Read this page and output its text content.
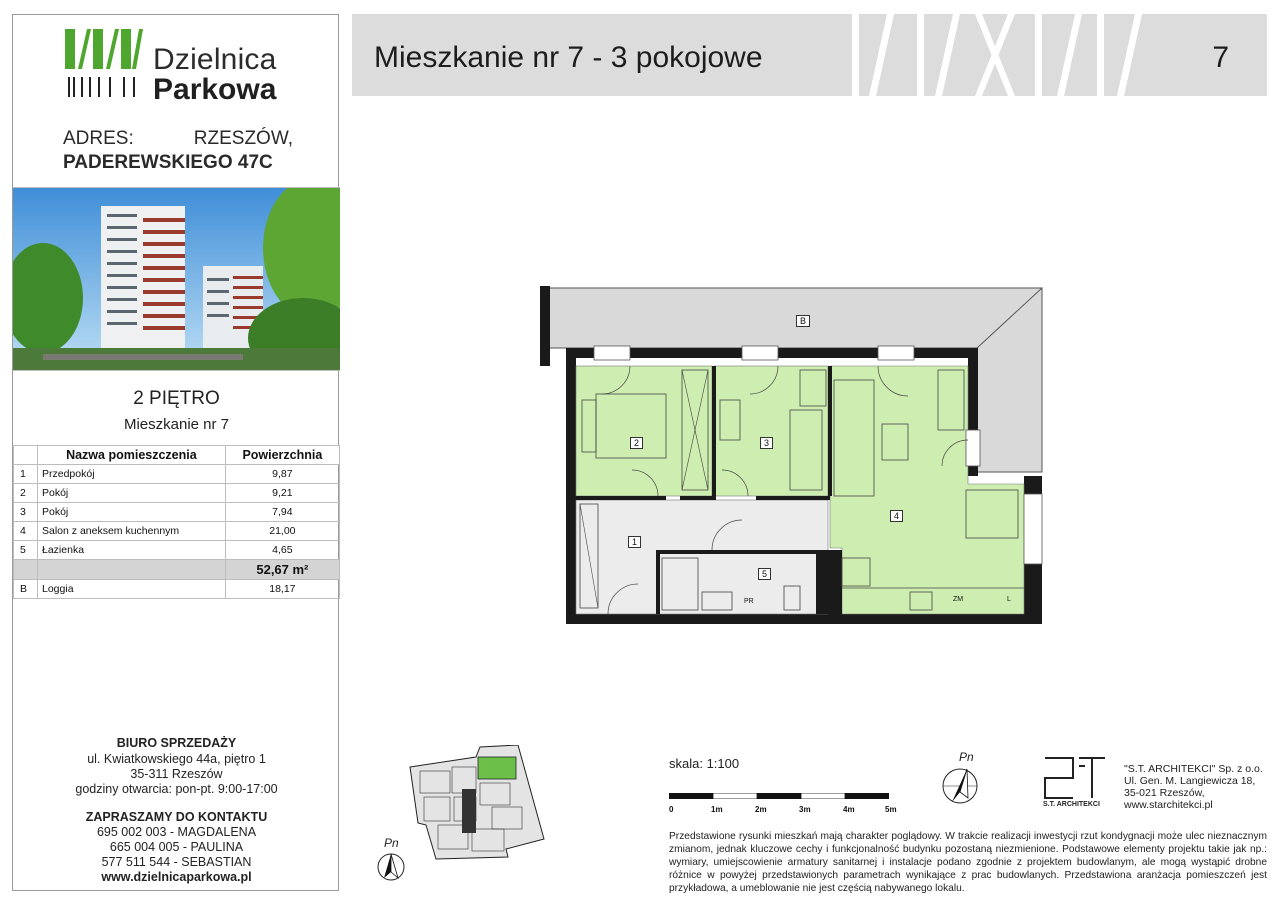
Dzielnica
Parkowa
ADRES:	RZESZÓW,
PADEREWSKIEGO 47C
2 PIĘTRO
Mieszkanie nr 7
	Nazwa pomieszczenia	Powierzchnia
1	Przedpokój	9,87
2	Pokój	9,21
3	Pokój	7,94
4	Salon z aneksem kuchennym	21,00
5	Łazienka	4,65
		52,67 m²
B	Loggia	18,17
BIURO SPRZEDAŻY
ul. Kwiatkowskiego 44a, piętro 1
35-311 Rzeszów
godziny otwarcia: pon-pt. 9:00-17:00
ZAPRASZAMY DO KONTAKTU
695 002 003 - MAGDALENA
665 004 005 - PAULINA
577 511 544 - SEBASTIAN
www.dzielnicaparkowa.pl
Mieszkanie nr 7 - 3 pokojowe	7
B
2	3
4
1
5
PR	ZM	L
Pn
skala: 1:100
0	1m	2m	3m	4m	5m
Pn
S.T. ARCHITEKCI
"S.T. ARCHITEKCI" Sp. z o.o.
Ul. Gen. M. Langiewicza 18,
35-021 Rzeszów,
www.starchitekci.pl
Przedstawione rysunki mieszkań mają charakter poglądowy. W trakcie realizacji inwestycji rzut kondygnacji może ulec nieznacznym zmianom, jednak kluczowe cechy i funkcjonalność budynku pozostaną niezmienione. Podstawowe elementy projektu takie jak np.: wymiary, umiejscowienie armatury sanitarnej i instalacje podano zgodnie z projektem budowlanym, ale mogą wystąpić drobne różnice w powyżej przedstawionych parametrach wynikające z prac budowlanych. Przedstawiona aranżacja pomieszczeń jest przykładowa, a umeblowanie nie jest częścią nabywanego lokalu.
